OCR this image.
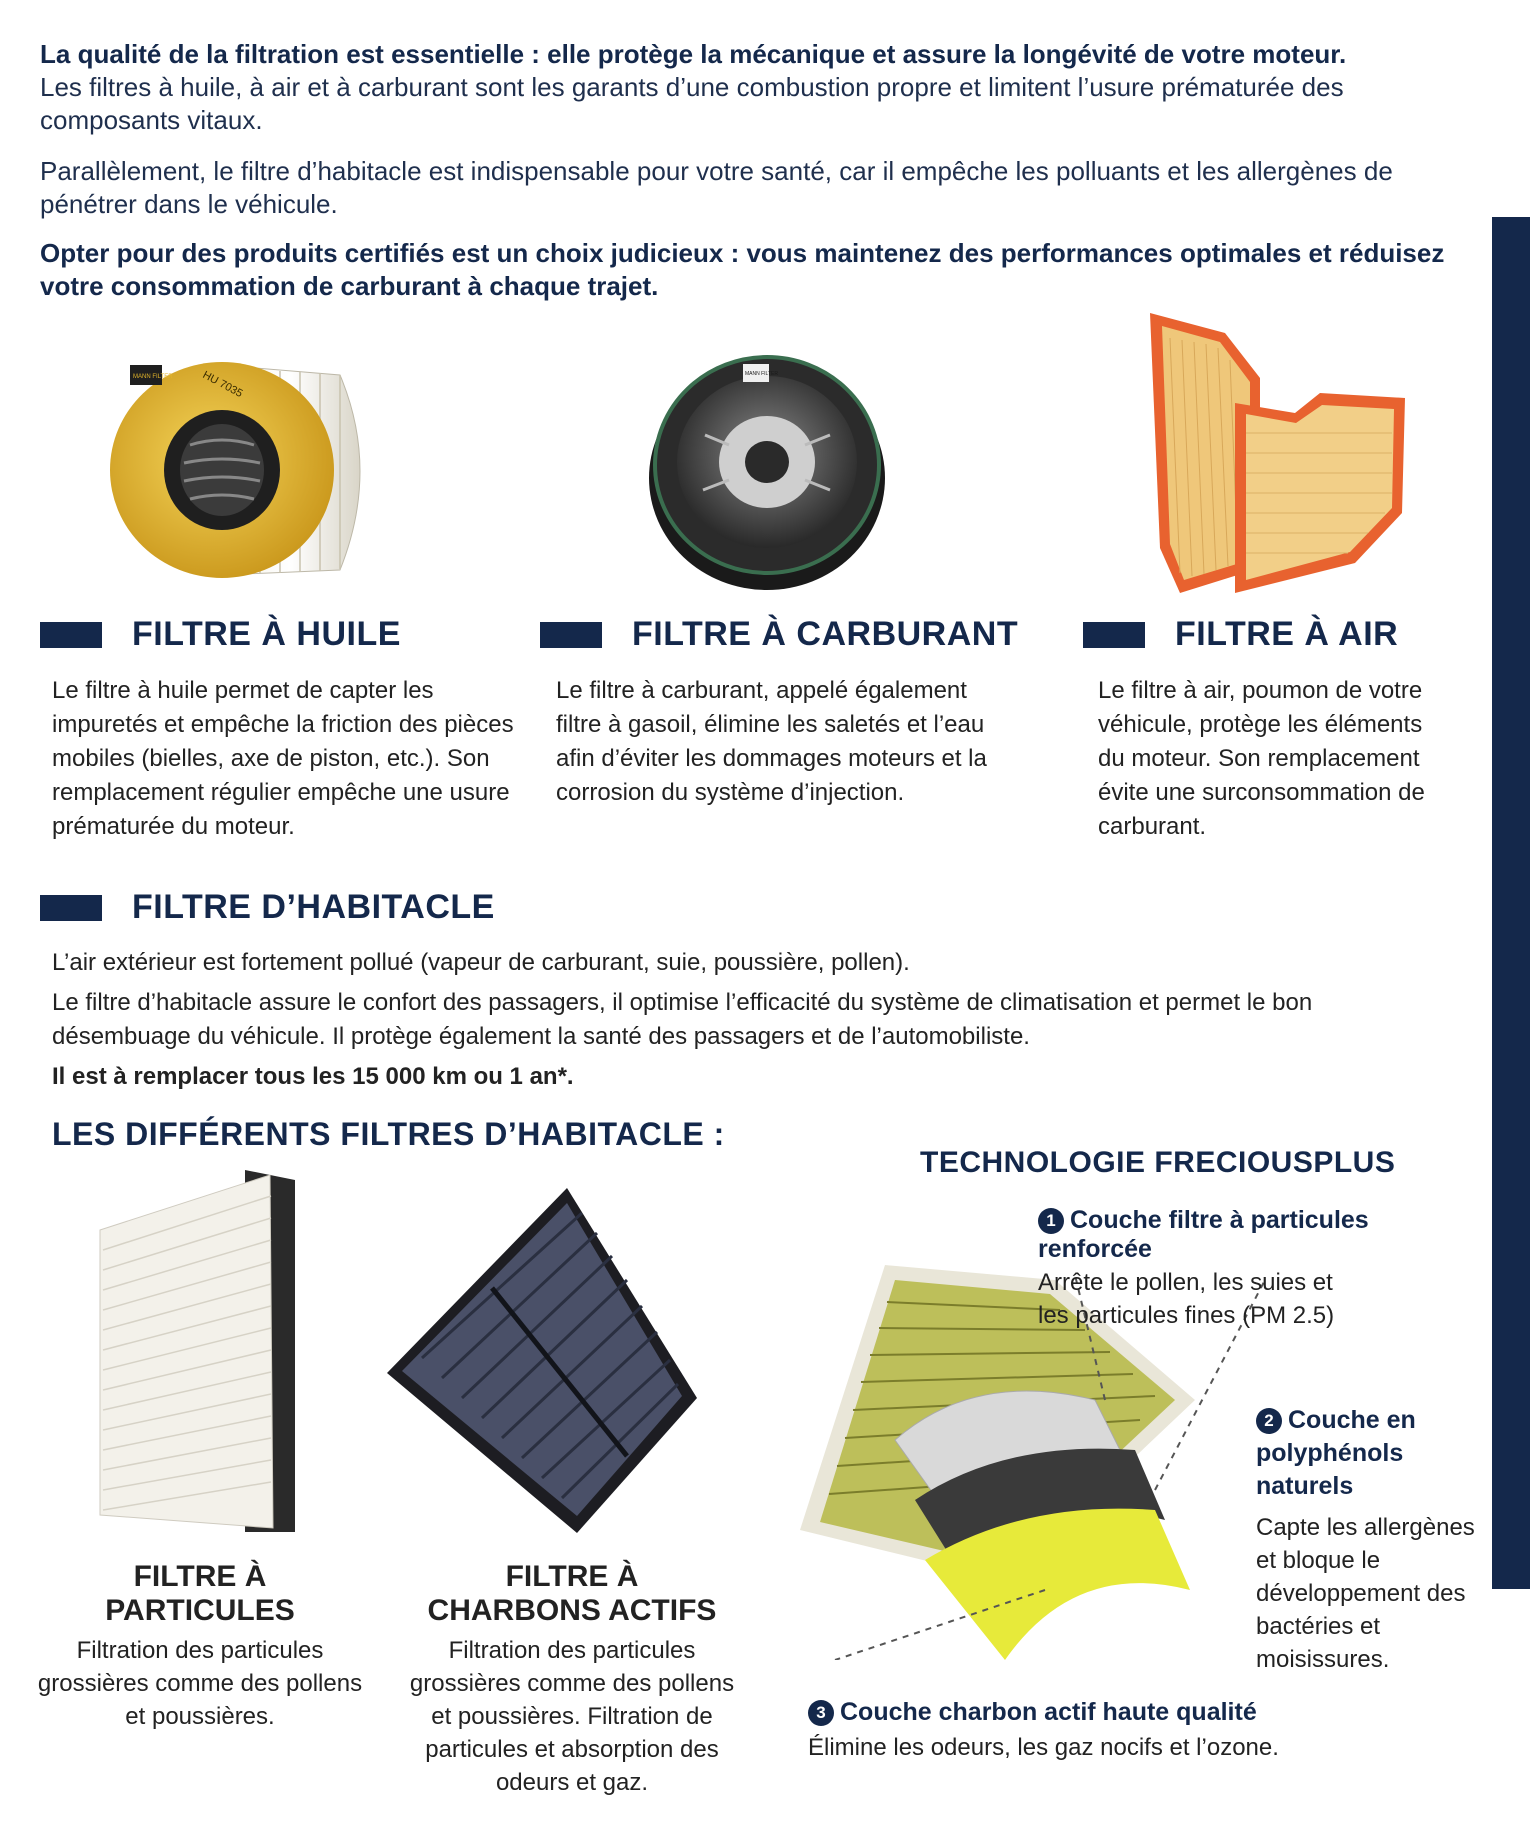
La qualité de la filtration est essentielle : elle protège la mécanique et assure la longévité de votre moteur.
Les filtres à huile, à air et à carburant sont les garants d’une combustion propre et limitent l’usure prématurée des composants vitaux.

Parallèlement, le filtre d’habitacle est indispensable pour votre santé, car il empêche les polluants et les allergènes de pénétrer dans le véhicule.

Opter pour des produits certifiés est un choix judicieux : vous maintenez des performances optimales et réduisez votre consommation de carburant à chaque trajet.

MANN FILTER	HU 7035	MANN FILTER
FILTRE À HUILE	FILTRE À CARBURANT	FILTRE À AIR

Le filtre à huile permet de capter les impuretés et empêche la friction des pièces mobiles (bielles, axe de piston, etc.). Son remplacement régulier empêche une usure prématurée du moteur.

Le filtre à carburant, appelé également filtre à gasoil, élimine les saletés et l’eau afin d’éviter les dommages moteurs et la corrosion du système d’injection.

Le filtre à air, poumon de votre véhicule, protège les éléments du moteur. Son remplacement évite une surconsommation de carburant.

FILTRE D’HABITACLE

L’air extérieur est fortement pollué (vapeur de carburant, suie, poussière, pollen).

Le filtre d’habitacle assure le confort des passagers, il optimise l’efficacité du système de climatisation et permet le bon désembuage du véhicule. Il protège également la santé des passagers et de l’automobiliste.

Il est à remplacer tous les 15 000 km ou 1 an*.

LES DIFFÉRENTS FILTRES D’HABITACLE :
FILTRE À
PARTICULES

Filtration des particules grossières comme des pollens et poussières.

FILTRE À
CHARBONS ACTIFS

Filtration des particules grossières comme des pollens et poussières. Filtration de particules et absorption des odeurs et gaz.

TECHNOLOGIE FRECIOUSPLUS
1 Couche filtre à particules renforcée

Arrête le pollen, les suies et les particules fines (PM 2.5)

2 Couche en polyphénols naturels

Capte les allergènes et bloque le développement des bactéries et moisissures.

3 Couche charbon actif haute qualité

Élimine les odeurs, les gaz nocifs et l’ozone.
